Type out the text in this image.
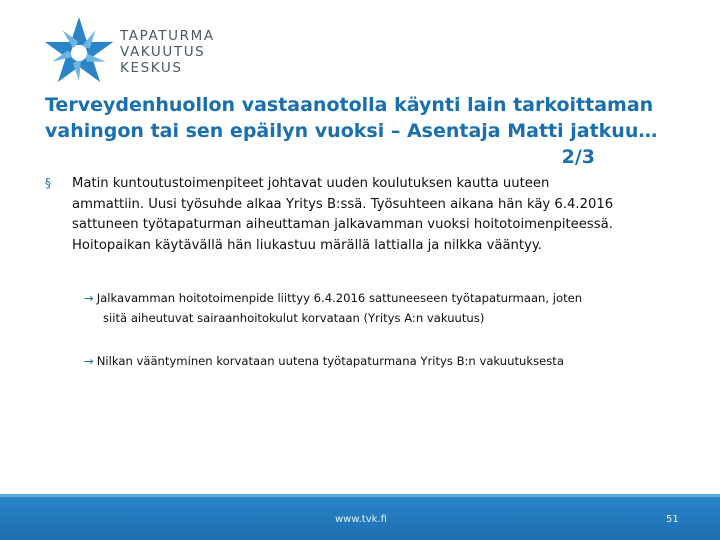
TAPATURMA
VAKUUTUS
KESKUS
Terveydenhuollon vastaanotolla käynti lain tarkoittaman
vahingon tai sen epäilyn vuoksi – Asentaja Matti jatkuu…
2/3
§ Matin kuntoutustoimenpiteet johtavat uuden koulutuksen kautta uuteen
ammattiin. Uusi työsuhde alkaa Yritys B:ssä. Työsuhteen aikana hän käy 6.4.2016
sattuneen työtapaturman aiheuttaman jalkavamman vuoksi hoitotoimenpiteessä.
Hoitopaikan käytävällä hän liukastuu märällä lattialla ja nilkka vääntyy.
→ Jalkavamman hoitotoimenpide liittyy 6.4.2016 sattuneeseen työtapaturmaan, joten
siitä aiheutuvat sairaanhoitokulut korvataan (Yritys A:n vakuutus)
→ Nilkan vääntyminen korvataan uutena työtapaturmana Yritys B:n vakuutuksesta
www.tvk.fi	51
